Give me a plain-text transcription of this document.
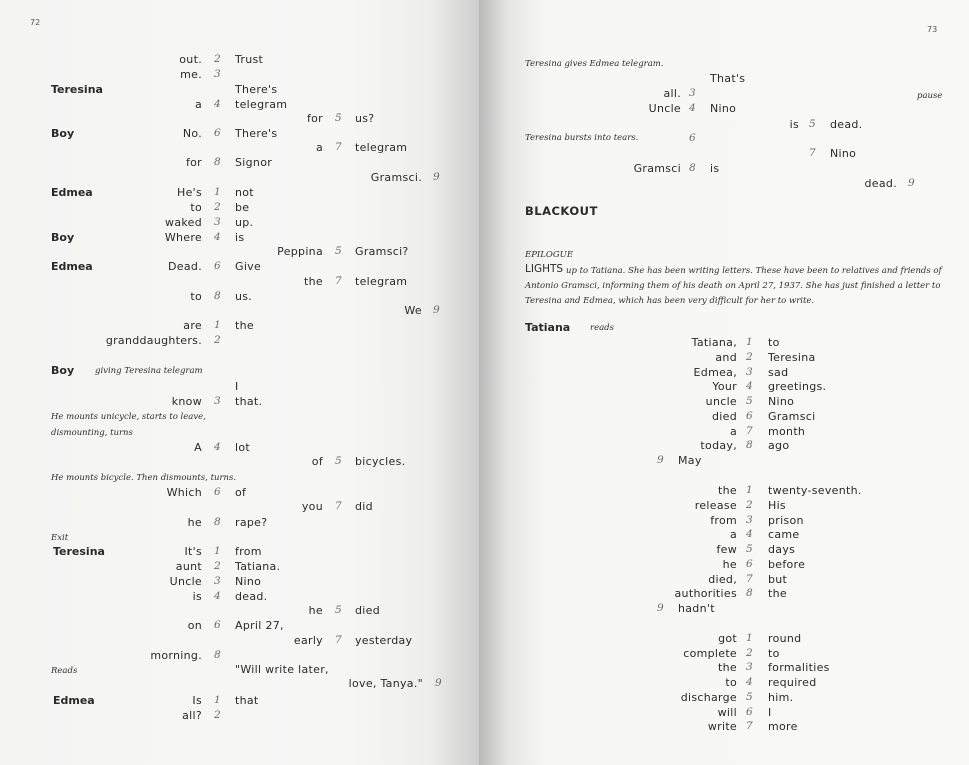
out. 2 Trust
me. 3
There's
a 4 telegram
for 5 us?
No. 6 There's
a 7 telegram
for 8 Signor
Gramsci. 9
He's 1 not
to 2 be
waked 3 up.
Where 4 is
Peppina 5 Gramsci?
Dead. 6 Give
the 7 telegram
to 8 us.
We 9
are 1 the
granddaughters. 2
I
know 3 that.
A 4 lot
of 5 bicycles.
Which 6 of
you 7 did
he 8 rape?
It's 1 from
aunt 2 Tatiana.
Uncle 3 Nino
is 4 dead.
he 5 died
on 6 April 27,
early 7 yesterday
morning. 8
"Will write later,
love, Tanya." 9
Is 1 that
all? 2
72
Teresina
Boy
Edmea
Boy
Edmea
Boy
Teresina
Edmea
giving Teresina telegram
He mounts unicycle, starts to leave,
dismounting, turns
He mounts bicycle. Then dismounts, turns.
Exit
Reads
That's
all. 3
Uncle 4 Nino
is 5 dead.
6
7 Nino
Gramsci 8 is
dead. 9
Tatiana, 1 to
and 2 Teresina
Edmea, 3 sad
Your 4 greetings.
uncle 5 Nino
died 6 Gramsci
a 7 month
today, 8 ago
9 May
the 1 twenty-seventh.
release 2 His
from 3 prison
a 4 came
few 5 days
he 6 before
died, 7 but
authorities 8 the
9 hadn't
got 1 round
complete 2 to
the 3 formalities
to 4 required
discharge 5 him.
will 6 I
write 7 more
73
Teresina gives Edmea telegram.
pause
Teresina bursts into tears.
BLACKOUT
EPILOGUE
LIGHTS up to Tatiana. She has been writing letters. These have been to relatives and friends of
Antonio Gramsci, informing them of his death on April 27, 1937. She has just finished a letter to
Teresina and Edmea, which has been very difficult for her to write.
Tatiana reads
